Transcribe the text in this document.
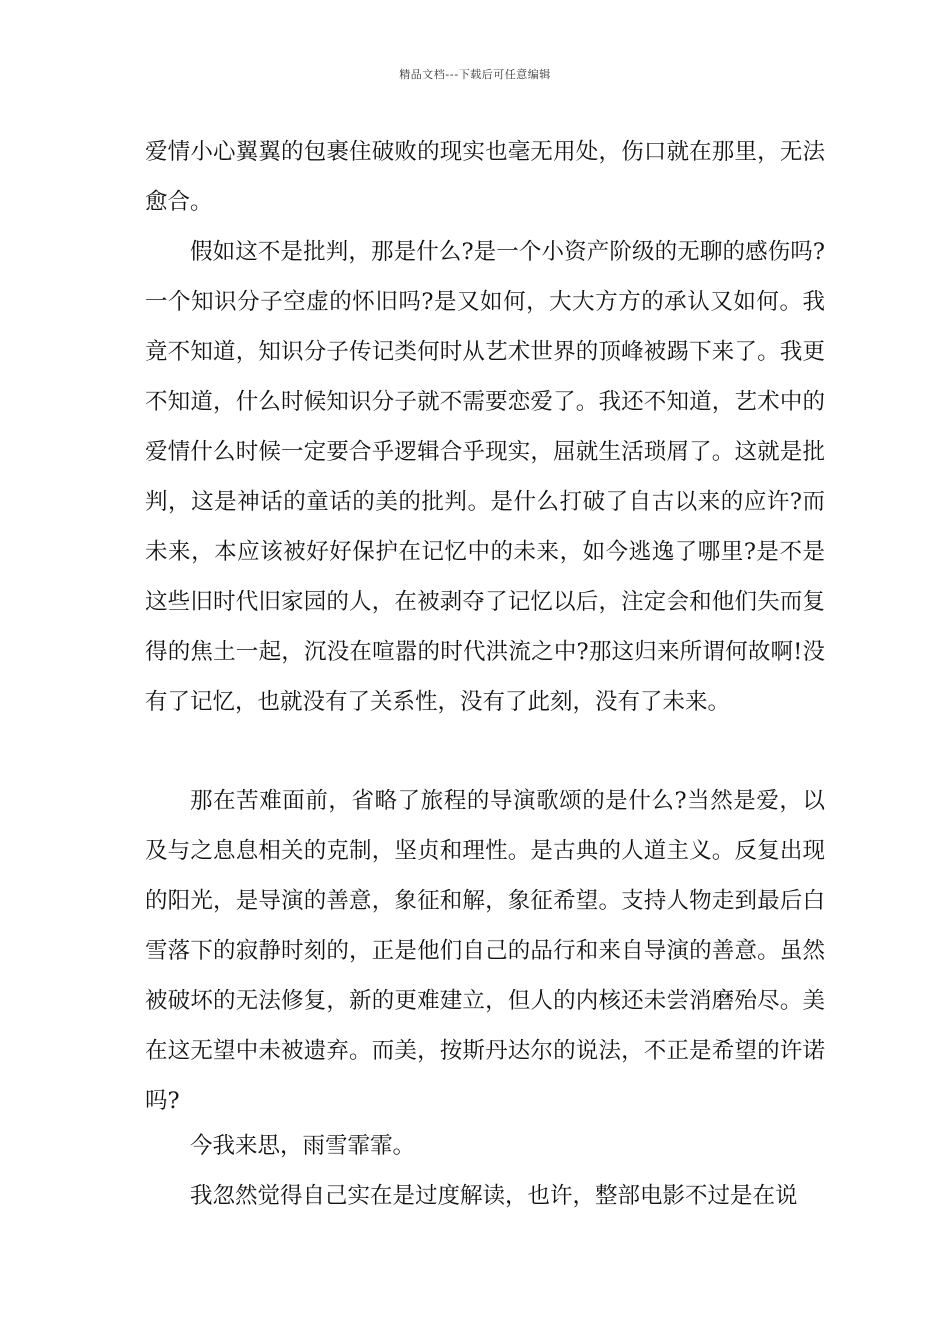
精品文档---下载后可任意编辑

爱情小心翼翼的包裹住破败的现实也毫无用处，伤口就在那里，无法愈合。

假如这不是批判，那是什么?是一个小资产阶级的无聊的感伤吗?一个知识分子空虚的怀旧吗?是又如何，大大方方的承认又如何。我竟不知道，知识分子传记类何时从艺术世界的顶峰被踢下来了。我更不知道，什么时候知识分子就不需要恋爱了。我还不知道，艺术中的爱情什么时候一定要合乎逻辑合乎现实，屈就生活琐屑了。这就是批判，这是神话的童话的美的批判。是什么打破了自古以来的应许?而未来，本应该被好好保护在记忆中的未来，如今逃逸了哪里?是不是这些旧时代旧家园的人，在被剥夺了记忆以后，注定会和他们失而复得的焦土一起，沉没在喧嚣的时代洪流之中?那这归来所谓何故啊!没有了记忆，也就没有了关系性，没有了此刻，没有了未来。

那在苦难面前，省略了旅程的导演歌颂的是什么?当然是爱，以及与之息息相关的克制，坚贞和理性。是古典的人道主义。反复出现的阳光，是导演的善意，象征和解，象征希望。支持人物走到最后白雪落下的寂静时刻的，正是他们自己的品行和来自导演的善意。虽然被破坏的无法修复，新的更难建立，但人的内核还未尝消磨殆尽。美在这无望中未被遗弃。而美，按斯丹达尔的说法，不正是希望的许诺吗?

今我来思，雨雪霏霏。

我忽然觉得自己实在是过度解读，也许，整部电影不过是在说
